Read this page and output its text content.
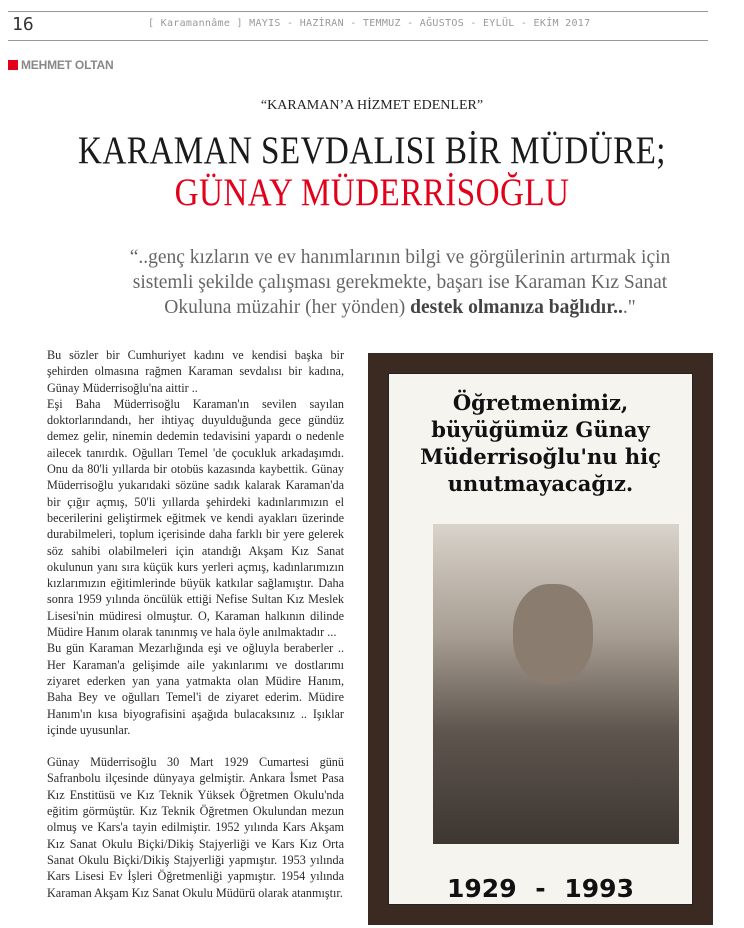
16	[ Karamannâme ] MAYIS - HAZİRAN - TEMMUZ - AĞUSTOS - EYLÜL - EKİM 2017
MEHMET OLTAN
“KARAMAN’A HİZMET EDENLER”
KARAMAN SEVDALISI BİR MÜDÜRE;
GÜNAY MÜDERRİSOĞLU
“..genç kızların ve ev hanımlarının bilgi ve görgülerinin artırmak için sistemli şekilde çalışması gerekmekte, başarı ise Karaman Kız Sanat Okuluna müzahir (her yönden) destek olmanıza bağlıdır..."

Bu sözler bir Cumhuriyet kadını ve kendisi başka bir şehirden olmasına rağmen Karaman sevdalısı bir kadına, Günay Müderrisoğlu'na aittir ..

Eşi Baha Müderrisoğlu Karaman'ın sevilen sayılan doktorlarındandı, her ihtiyaç duyulduğunda gece gündüz demez gelir, ninemin dedemin tedavisini yapardı o nedenle ailecek tanırdık. Oğulları Temel 'de çocukluk arkadaşımdı. Onu da 80'li yıllarda bir otobüs kazasında kaybettik. Günay Müderrisoğlu yukarıdaki sözüne sadık kalarak Karaman'da bir çığır açmış, 50'li yıllarda şehirdeki kadınlarımızın el becerilerini geliştirmek eğitmek ve kendi ayakları üzerinde durabilmeleri, toplum içerisinde daha farklı bir yere gelerek söz sahibi olabilmeleri için atandığı Akşam Kız Sanat okulunun yanı sıra küçük kurs yerleri açmış, kadınlarımızın kızlarımızın eğitimlerinde büyük katkılar sağlamıştır. Daha sonra 1959 yılında öncülük ettiği Nefise Sultan Kız Meslek Lisesi'nin müdiresi olmuştur. O, Karaman halkının dilinde Müdire Hanım olarak tanınmış ve hala öyle anılmaktadır ...

Bu gün Karaman Mezarlığında eşi ve oğluyla beraberler .. Her Karaman'a gelişimde aile yakınlarımı ve dostlarımı ziyaret ederken yan yana yatmakta olan Müdire Hanım, Baha Bey ve oğulları Temel'i de ziyaret ederim. Müdire Hanım'ın kısa biyografisini aşağıda bulacaksınız .. Işıklar içinde uyusunlar.

Günay Müderrisoğlu 30 Mart 1929 Cumartesi günü Safranbolu ilçesinde dünyaya gelmiştir. Ankara İsmet Pasa Kız Enstitüsü ve Kız Teknik Yüksek Öğretmen Okulu'nda eğitim görmüştür. Kız Teknik Öğretmen Okulundan mezun olmuş ve Kars'a tayin edilmiştir. 1952 yılında Kars Akşam Kız Sanat Okulu Biçki/Dikiş Stajyerliği ve Kars Kız Orta Sanat Okulu Biçki/Dikiş Stajyerliği yapmıştır. 1953 yılında Kars Lisesi Ev İşleri Öğretmenliği yapmıştır. 1954 yılında Karaman Akşam Kız Sanat Okulu Müdürü olarak atanmıştır.

Öğretmenimiz, büyüğümüz Günay Müderrisoğlu'nu hiç unutmayacağız.
1929 - 1993
